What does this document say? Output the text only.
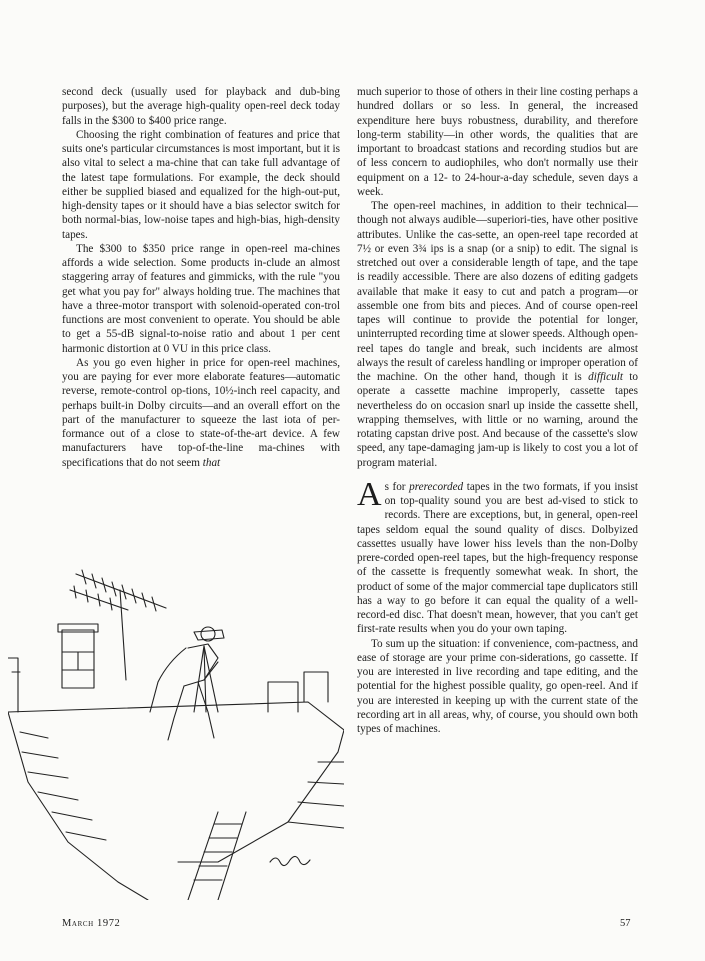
second deck (usually used for playback and dub-bing purposes), but the average high-quality open-reel deck today falls in the $300 to $400 price range.

Choosing the right combination of features and price that suits one's particular circumstances is most important, but it is also vital to select a ma-chine that can take full advantage of the latest tape formulations. For example, the deck should either be supplied biased and equalized for the high-out-put, high-density tapes or it should have a bias selector switch for both normal-bias, low-noise tapes and high-bias, high-density tapes.

The $300 to $350 price range in open-reel ma-chines affords a wide selection. Some products in-clude an almost staggering array of features and gimmicks, with the rule "you get what you pay for" always holding true. The machines that have a three-motor transport with solenoid-operated con-trol functions are most convenient to operate. You should be able to get a 55-dB signal-to-noise ratio and about 1 per cent harmonic distortion at 0 VU in this price class.

As you go even higher in price for open-reel machines, you are paying for ever more elaborate features—automatic reverse, remote-control op-tions, 10½-inch reel capacity, and perhaps built-in Dolby circuits—and an overall effort on the part of the manufacturer to squeeze the last iota of per-formance out of a close to state-of-the-art device. A few manufacturers have top-of-the-line ma-chines with specifications that do not seem that

much superior to those of others in their line costing perhaps a hundred dollars or so less. In general, the increased expenditure here buys robustness, durability, and therefore long-term stability—in other words, the qualities that are important to broadcast stations and recording studios but are of less concern to audiophiles, who don't normally use their equipment on a 12- to 24-hour-a-day schedule, seven days a week.

The open-reel machines, in addition to their technical—though not always audible—superiori-ties, have other positive attributes. Unlike the cas-sette, an open-reel tape recorded at 7½ or even 3¾ ips is a snap (or a snip) to edit. The signal is stretched out over a considerable length of tape, and the tape is readily accessible. There are also dozens of editing gadgets available that make it easy to cut and patch a program—or assemble one from bits and pieces. And of course open-reel tapes will continue to provide the potential for longer, uninterrupted recording time at slower speeds. Although open-reel tapes do tangle and break, such incidents are almost always the result of careless handling or improper operation of the machine. On the other hand, though it is difficult to operate a cassette machine improperly, cassette tapes nevertheless do on occasion snarl up inside the cassette shell, wrapping themselves, with little or no warning, around the rotating capstan drive post. And because of the cassette's slow speed, any tape-damaging jam-up is likely to cost you a lot of program material.

As for prerecorded tapes in the two formats, if you insist on top-quality sound you are best ad-vised to stick to records. There are exceptions, but, in general, open-reel tapes seldom equal the sound quality of discs. Dolbyized cassettes usually have lower hiss levels than the non-Dolby prere-corded open-reel tapes, but the high-frequency response of the cassette is frequently somewhat weak. In short, the product of some of the major commercial tape duplicators still has a way to go before it can equal the quality of a well-record-ed disc. That doesn't mean, however, that you can't get first-rate results when you do your own taping.

To sum up the situation: if convenience, com-pactness, and ease of storage are your prime con-siderations, go cassette. If you are interested in live recording and tape editing, and the potential for the highest possible quality, go open-reel. And if you are interested in keeping up with the current state of the recording art in all areas, why, of course, you should own both types of machines.

March 1972	57
